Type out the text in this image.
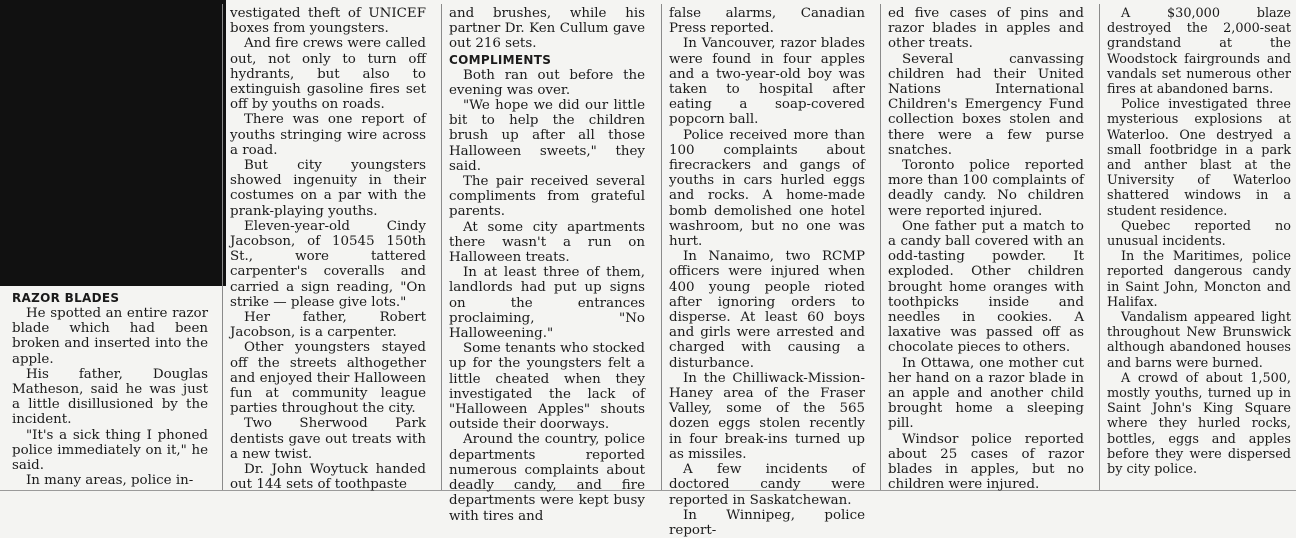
RAZOR BLADES

He spotted an entire razor blade which had been broken and inserted into the apple.

His father, Douglas Matheson, said he was just a little disillusioned by the incident.

"It's a sick thing I phoned police immediately on it," he said.

In many areas, police in-

vestigated theft of UNICEF boxes from youngsters.

And fire crews were called out, not only to turn off hydrants, but also to extinguish gasoline fires set off by youths on roads.

There was one report of youths stringing wire across a road.

But city youngsters showed ingenuity in their costumes on a par with the prank-playing youths.

Eleven-year-old Cindy Jacobson, of 10545 150th St., wore tattered carpenter's coveralls and carried a sign reading, "On strike — please give lots."

Her father, Robert Jacobson, is a carpenter.

Other youngsters stayed off the streets althogether and enjoyed their Halloween fun at community league parties throughout the city.

Two Sherwood Park dentists gave out treats with a new twist.

Dr. John Woytuck handed out 144 sets of toothpaste

and brushes, while his partner Dr. Ken Cullum gave out 216 sets.

COMPLIMENTS

Both ran out before the evening was over.

"We hope we did our little bit to help the children brush up after all those Halloween sweets," they said.

The pair received several compliments from grateful parents.

At some city apartments there wasn't a run on Halloween treats.

In at least three of them, landlords had put up signs on the entrances proclaiming, "No Halloweening."

Some tenants who stocked up for the youngsters felt a little cheated when they investigated the lack of "Halloween Apples" shouts outside their doorways.

Around the country, police departments reported numerous complaints about deadly candy, and fire departments were kept busy with tires and

false alarms, Canadian Press reported.

In Vancouver, razor blades were found in four apples and a two-year-old boy was taken to hospital after eating a soap-covered popcorn ball.

Police received more than 100 complaints about firecrackers and gangs of youths in cars hurled eggs and rocks. A home-made bomb demolished one hotel washroom, but no one was hurt.

In Nanaimo, two RCMP officers were injured when 400 young people rioted after ignoring orders to disperse. At least 60 boys and girls were arrested and charged with causing a disturbance.

In the Chilliwack-Mission-Haney area of the Fraser Valley, some of the 565 dozen eggs stolen recently in four break-ins turned up as missiles.

A few incidents of doctored candy were reported in Saskatchewan.

In Winnipeg, police report-

ed five cases of pins and razor blades in apples and other treats.

Several canvassing children had their United Nations International Children's Emergency Fund collection boxes stolen and there were a few purse snatches.

Toronto police reported more than 100 complaints of deadly candy. No children were reported injured.

One father put a match to a candy ball covered with an odd-tasting powder. It exploded. Other children brought home oranges with toothpicks inside and needles in cookies. A laxative was passed off as chocolate pieces to others.

In Ottawa, one mother cut her hand on a razor blade in an apple and another child brought home a sleeping pill.

Windsor police reported about 25 cases of razor blades in apples, but no children were injured.

A $30,000 blaze destroyed the 2,000-seat grandstand at the Woodstock fairgrounds and vandals set numerous other fires at abandoned barns.

Police investigated three mysterious explosions at Waterloo. One destryed a small footbridge in a park and anther blast at the University of Waterloo shattered windows in a student residence.

Quebec reported no unusual incidents.

In the Maritimes, police reported dangerous candy in Saint John, Moncton and Halifax.

Vandalism appeared light throughout New Brunswick although abandoned houses and barns were burned.

A crowd of about 1,500, mostly youths, turned up in Saint John's King Square where they hurled rocks, bottles, eggs and apples before they were dispersed by city police.
